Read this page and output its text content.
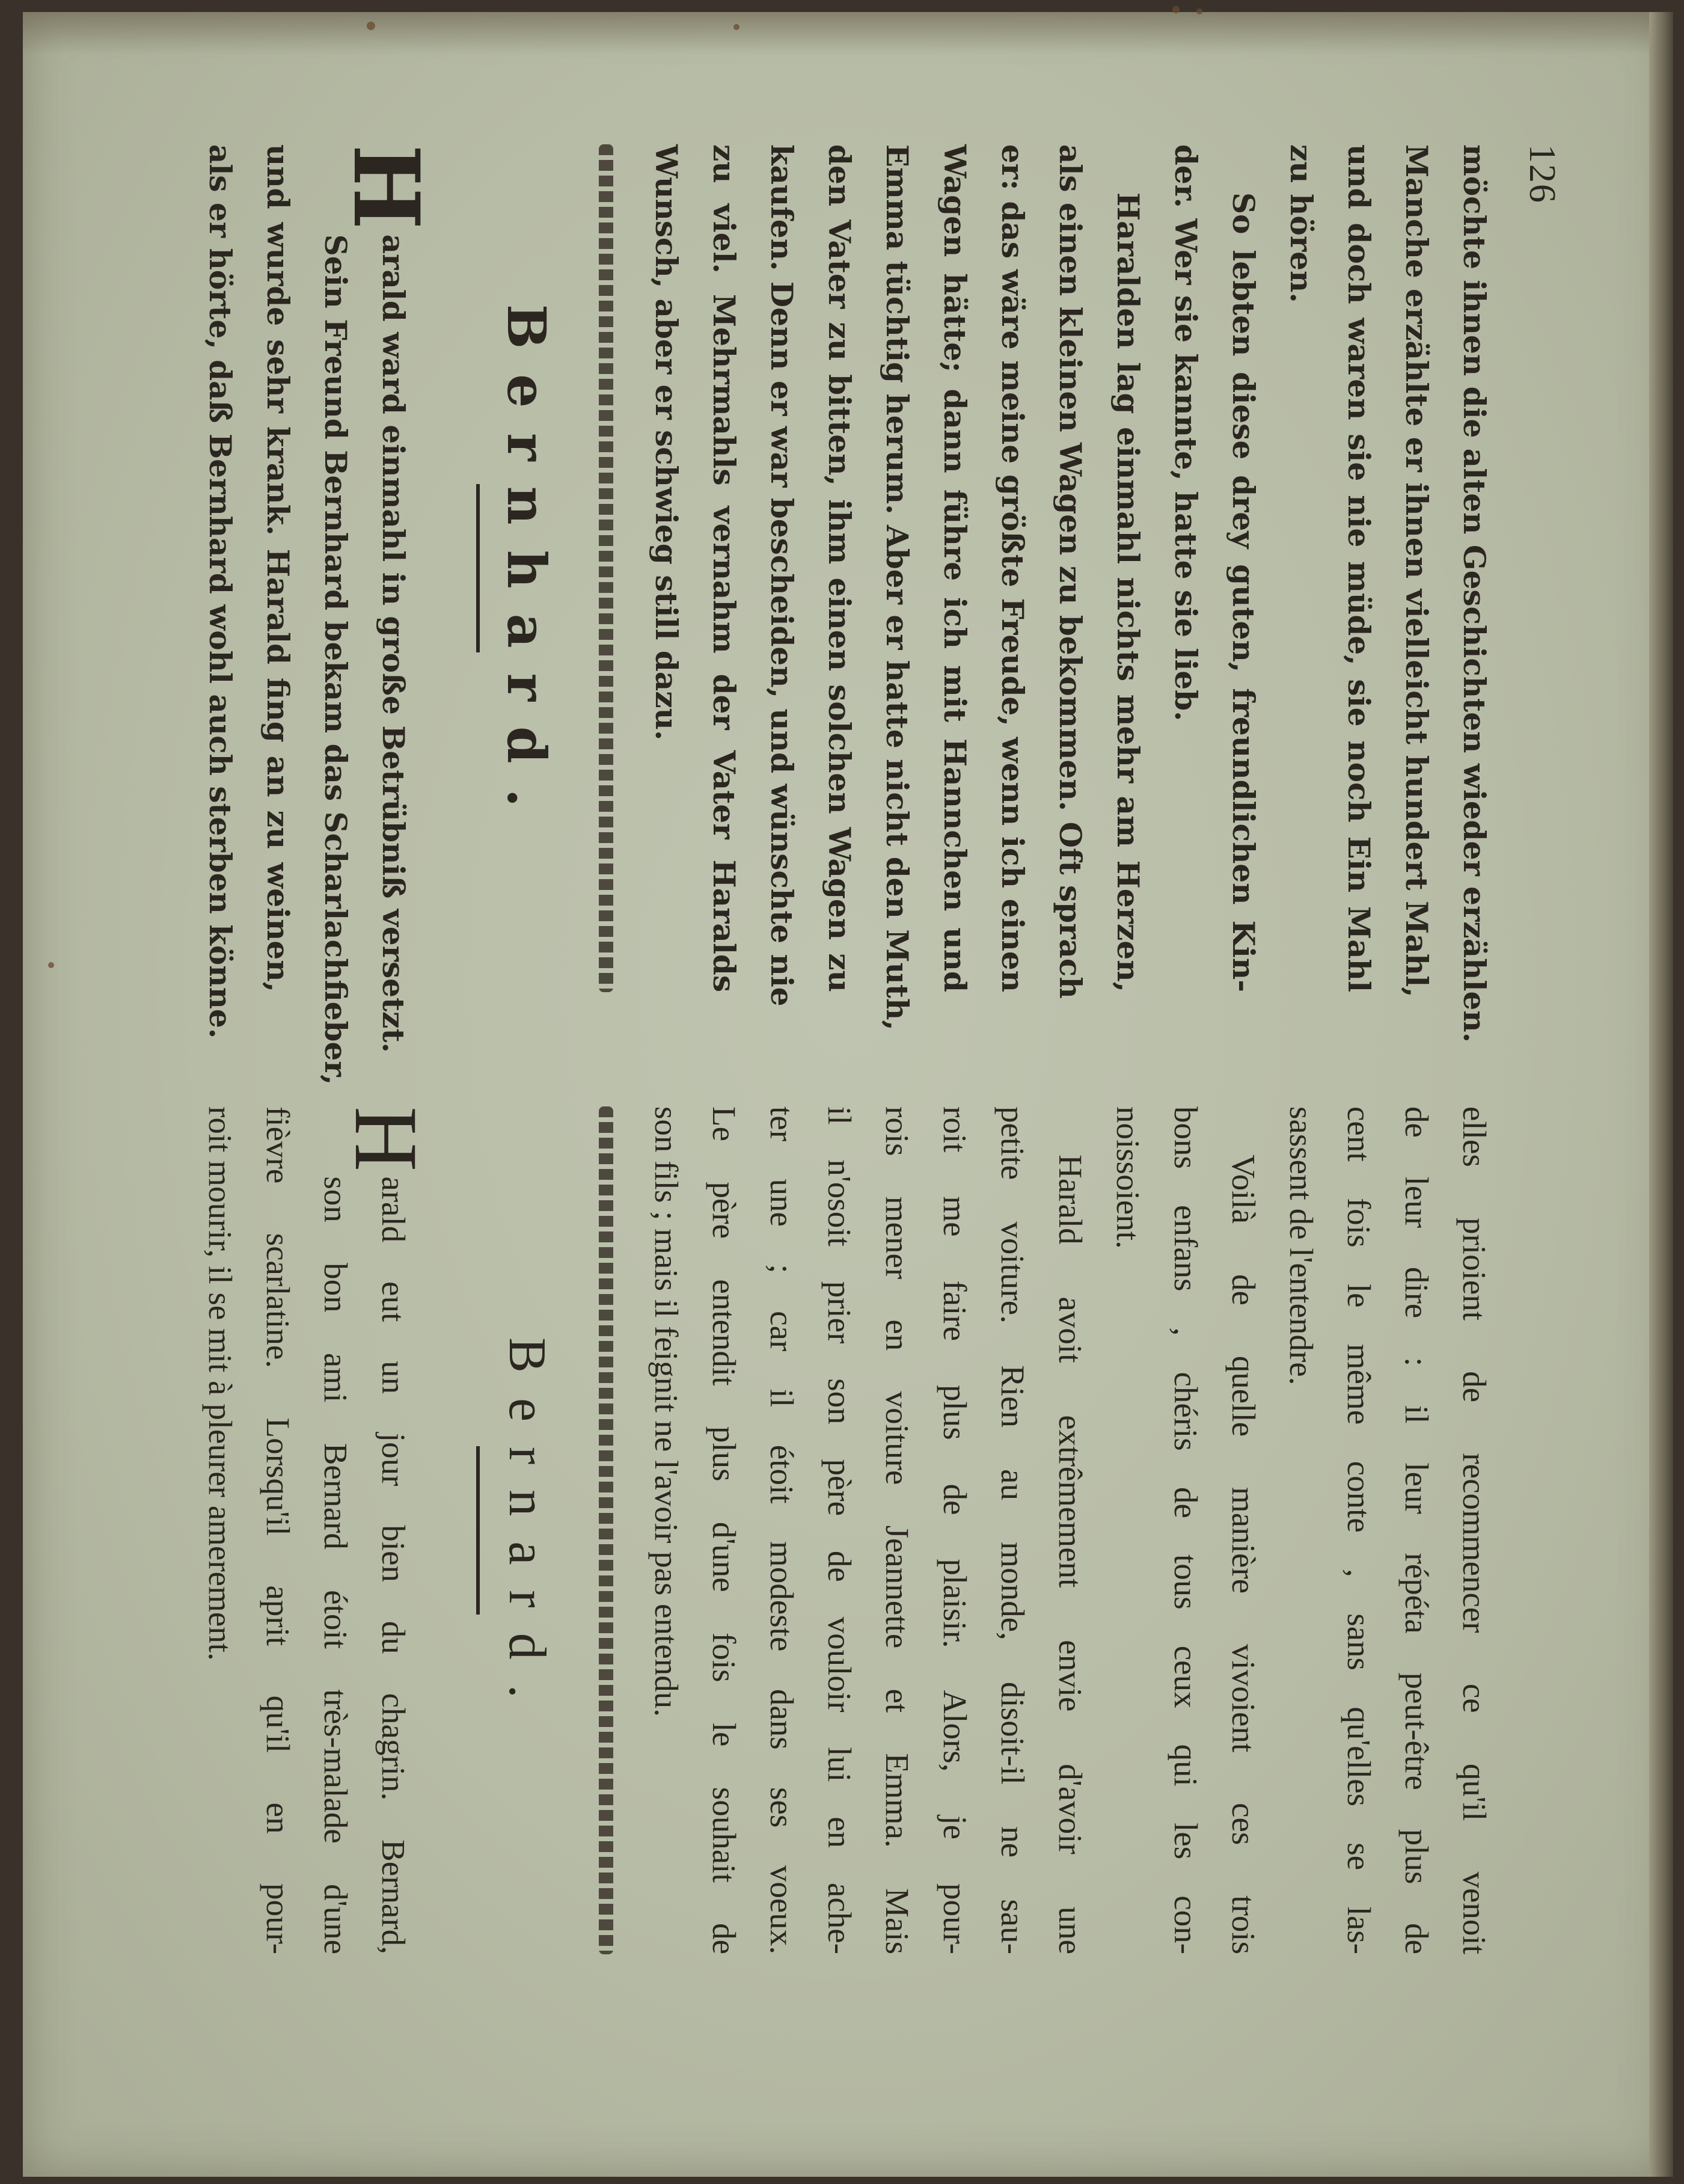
126
möchte ihnen die alten Geschichten wieder erzählen.
Manche erzählte er ihnen vielleicht hundert Mahl,
und doch waren sie nie müde, sie noch Ein Mahl
zu hören.
So lebten diese drey guten, freundlichen Kin-
der. Wer sie kannte, hatte sie lieb.
Haralden lag einmahl nichts mehr am Herzen,
als einen kleinen Wagen zu bekommen. Oft sprach
er: das wäre meine größte Freude, wenn ich einen
Wagen hätte; dann führe ich mit Hannchen und
Emma tüchtig herum. Aber er hatte nicht den Muth,
den Vater zu bitten, ihm einen solchen Wagen zu
kaufen. Denn er war bescheiden, und wünschte nie
zu viel. Mehrmahls vernahm der Vater Haralds
Wunsch, aber er schwieg still dazu.
Bernhard.
H
arald ward einmahl in große Betrübniß versetzt.
Sein Freund Bernhard bekam das Scharlachfieber,
und wurde sehr krank. Harald fing an zu weinen,
als er hörte, daß Bernhard wohl auch sterben könne.
elles prioient de recommencer ce qu'il venoit
de leur dire : il leur répéta peut-être plus de
cent fois le même conte , sans qu'elles se las-
sassent de l'entendre.
Voilà de quelle manière vivoient ces trois
bons enfans , chéris de tous ceux qui les con-
noissoient.
Harald avoit extrêmement envie d'avoir une
petite voiture. Rien au monde, disoit-il ne sau-
roit me faire plus de plaisir. Alors, je pour-
rois mener en voiture Jeannette et Emma. Mais
il n'osoit prier son père de vouloir lui en ache-
ter une ; car il étoit modeste dans ses voeux.
Le père entendit plus d'une fois le souhait de
son fils ; mais il feignit ne l'avoir pas entendu.
Bernard.
H
arald eut un jour bien du chagrin. Bernard,
son bon ami Bernard étoit très-malade d'une
fièvre scarlatine. Lorsqu'il aprit qu'il en pour-
roit mourir, il se mit à pleurer amerement.
